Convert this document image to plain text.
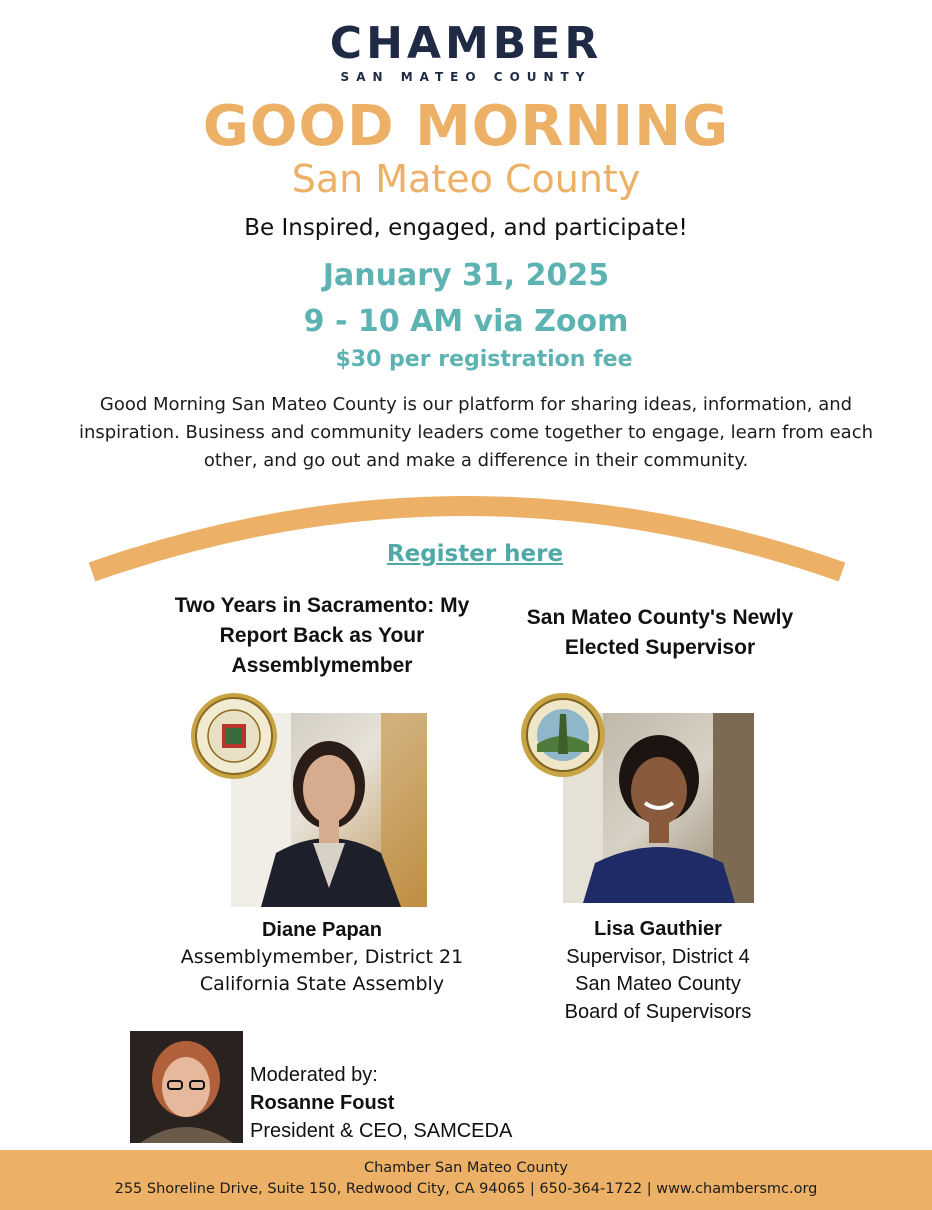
CHAMBER
SAN MATEO COUNTY
GOOD MORNING
San Mateo County
Be Inspired, engaged, and participate!
January 31, 2025
9 - 10 AM via Zoom
$30 per registration fee
Good Morning San Mateo County is our platform for sharing ideas, information, and inspiration. Business and community leaders come together to engage, learn from each other, and go out and make a difference in their community.
Register here
Two Years in Sacramento: My Report Back as Your Assemblymember
San Mateo County's Newly Elected Supervisor
Diane Papan
Assemblymember, District 21
California State Assembly
Lisa Gauthier
Supervisor, District 4
San Mateo County
Board of Supervisors
Moderated by:
Rosanne Foust
President & CEO, SAMCEDA
Chamber San Mateo County
255 Shoreline Drive, Suite 150, Redwood City, CA 94065 | 650-364-1722 | www.chambersmc.org
